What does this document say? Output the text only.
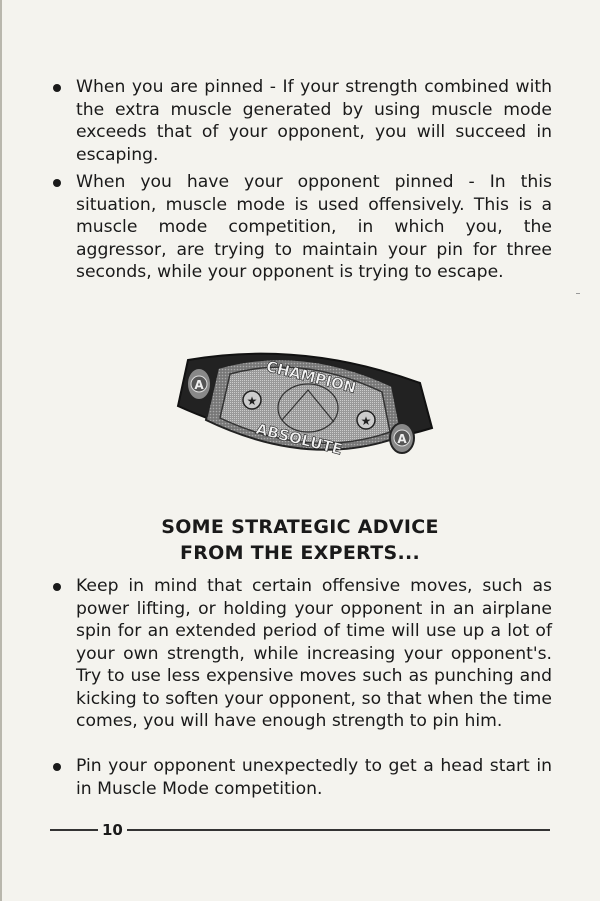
When you are pinned - If your strength combined with the extra muscle generated by using muscle mode exceeds that of your opponent, you will succeed in escaping.
When you have your opponent pinned - In this situation, muscle mode is used offensively. This is a muscle mode competition, in which you, the aggressor, are trying to maintain your pin for three seconds, while your opponent is trying to escape.
A
A
★
★
CHAMPION
ABSOLUTE
SOME STRATEGIC ADVICE
FROM THE EXPERTS...
Keep in mind that certain offensive moves, such as power lifting, or holding your opponent in an airplane spin for an extended period of time will use up a lot of your own strength, while increasing your opponent's. Try to use less expensive moves such as punching and kicking to soften your opponent, so that when the time comes, you will have enough strength to pin him.
Pin your opponent unexpectedly to get a head start in in Muscle Mode competition.
10
